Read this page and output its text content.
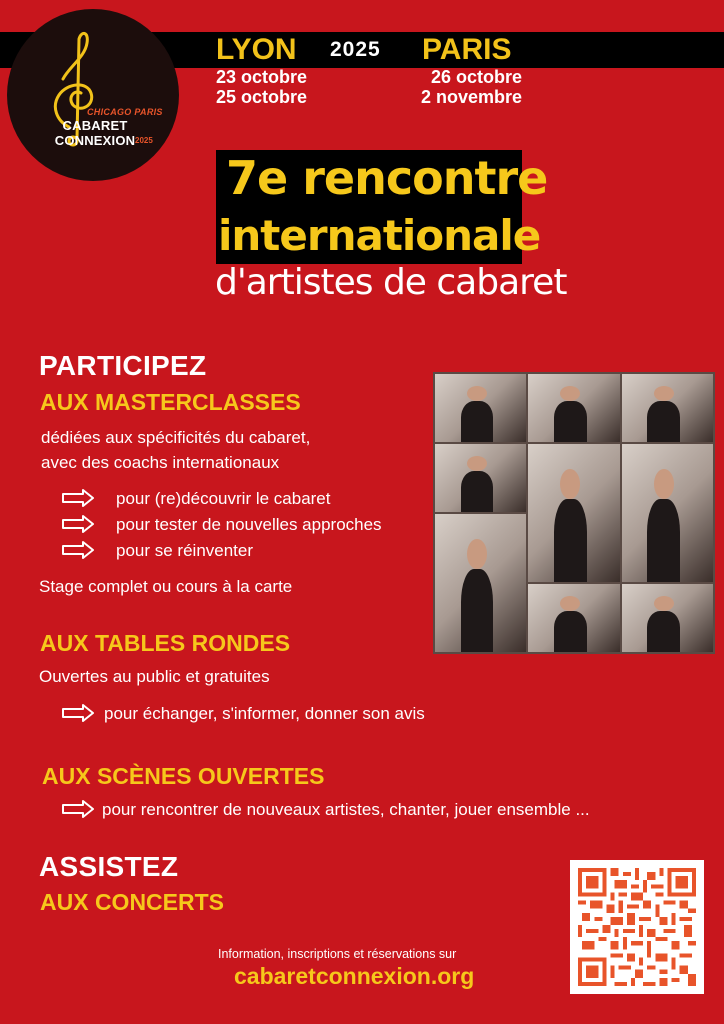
CHICAGO PARIS
CABARET CONNEXION 2025
LYON 2025 PARIS
23 octobre
25 octobre
26 octobre
2 novembre
7e rencontre
internationale
d'artistes de cabaret
PARTICIPEZ
AUX MASTERCLASSES
dédiées aux spécificités du cabaret,
avec des coachs internationaux
pour (re)découvrir le cabaret
pour tester de nouvelles approches
pour se réinventer
Stage complet ou cours à la carte
AUX TABLES RONDES
Ouvertes au public et gratuites
pour échanger, s'informer, donner son avis
AUX SCÈNES OUVERTES
pour rencontrer de nouveaux artistes, chanter, jouer ensemble ...
ASSISTEZ
AUX CONCERTS
Information, inscriptions et réservations sur
cabaretconnexion.org
